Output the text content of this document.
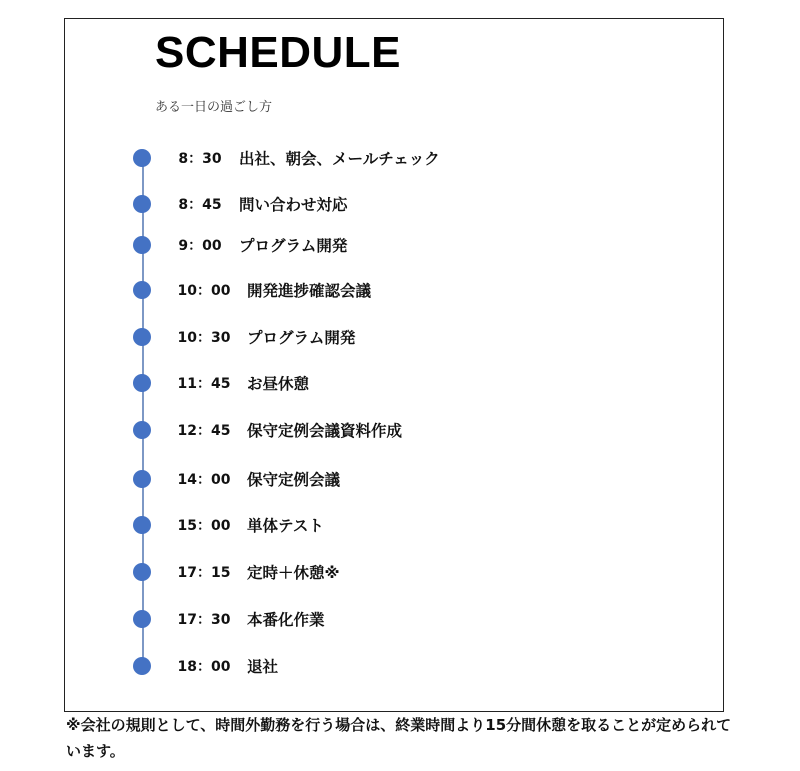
SCHEDULE
ある一日の過ごし方
8：30	出社、朝会、メールチェック
8：45	問い合わせ対応
9：00	プログラム開発
10：00	開発進捗確認会議
10：30	プログラム開発
11：45	お昼休憩
12：45	保守定例会議資料作成
14：00	保守定例会議
15：00	単体テスト
17：15	定時＋休憩※
17：30	本番化作業
18：00	退社
※会社の規則として、時間外勤務を行う場合は、終業時間より15分間休憩を取ることが定められています。
